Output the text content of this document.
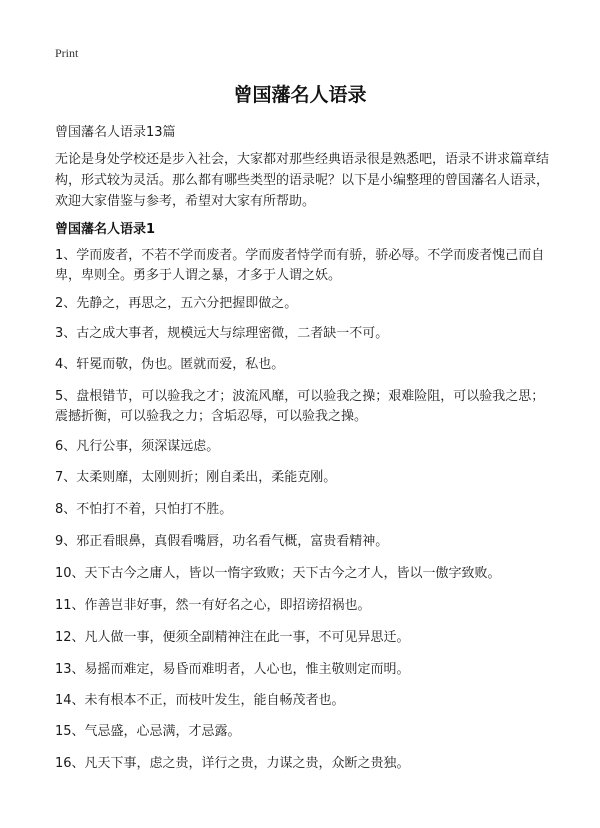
Print
曾国藩名人语录
曾国藩名人语录13篇

无论是身处学校还是步入社会，大家都对那些经典语录很是熟悉吧，语录不讲求篇章结构，形式较为灵活。那么都有哪些类型的语录呢？以下是小编整理的曾国藩名人语录，欢迎大家借鉴与参考，希望对大家有所帮助。

曾国藩名人语录1

1、学而废者，不若不学而废者。学而废者恃学而有骄，骄必辱。不学而废者愧己而自卑，卑则全。勇多于人谓之暴，才多于人谓之妖。

2、先静之，再思之，五六分把握即做之。

3、古之成大事者，规模远大与综理密微，二者缺一不可。

4、轩冕而敬，伪也。匿就而爱，私也。

5、盘根错节，可以验我之才；波流风靡，可以验我之操；艰难险阻，可以验我之思；震撼折衡，可以验我之力；含垢忍辱，可以验我之操。

6、凡行公事，须深谋远虑。

7、太柔则靡，太刚则折；刚自柔出，柔能克刚。

8、不怕打不着，只怕打不胜。

9、邪正看眼鼻，真假看嘴唇，功名看气概，富贵看精神。

10、天下古今之庸人，皆以一惰字致败；天下古今之才人，皆以一傲字致败。

11、作善岂非好事，然一有好名之心，即招谤招祸也。

12、凡人做一事，便须全副精神注在此一事，不可见异思迁。

13、易摇而难定，易昏而难明者，人心也，惟主敬则定而明。

14、未有根本不正，而枝叶发生，能自畅茂者也。

15、气忌盛，心忌满，才忌露。

16、凡天下事，虑之贵，详行之贵，力谋之贵，众断之贵独。
